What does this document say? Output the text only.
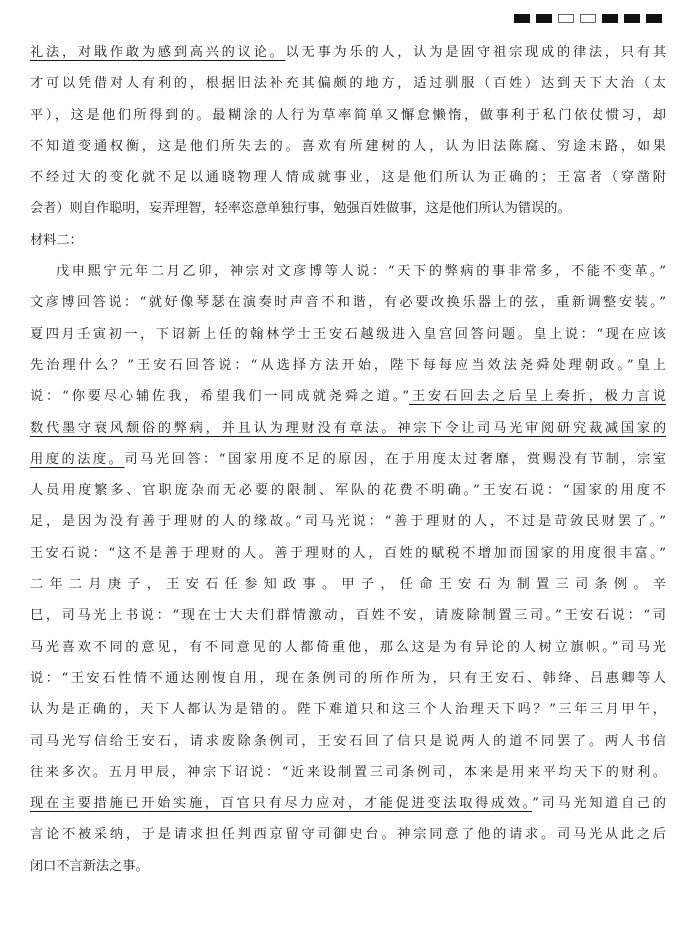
礼法，对戢作敢为感到高兴的议论。以无事为乐的人，认为是固守祖宗现成的律法，只有其
才可以凭借对人有利的，根据旧法补充其偏颇的地方，适过驯服（百姓）达到天下大治（太
平），这是他们所得到的。最糊涂的人行为草率简单又懈怠懒惰，做事利于私门依仗惯习，却
不知道变通权衡，这是他们所失去的。喜欢有所建树的人，认为旧法陈腐、穷途末路，如果
不经过大的变化就不足以通晓物理人情成就事业，这是他们所认为正确的；王富者（穿凿附
会者）则自作聪明，妄弄理智，轻率恣意单独行事，勉强百姓做事，这是他们所认为错误的。
材料二：
戊申熙宁元年二月乙卯，神宗对文彦博等人说：“天下的弊病的事非常多，不能不变革。”
文彦博回答说：“就好像琴瑟在演奏时声音不和谐，有必要改换乐器上的弦，重新调整安装。”
夏四月壬寅初一，下诏新上任的翰林学士王安石越级进入皇宫回答问题。皇上说：“现在应该
先治理什么？”王安石回答说：“从选择方法开始，陛下每每应当效法尧舜处理朝政。”皇上
说：“你要尽心辅佐我，希望我们一同成就尧舜之道。”王安石回去之后呈上奏折，极力言说
数代墨守衰风颓俗的弊病，并且认为理财没有章法。神宗下令让司马光审阅研究裁减国家的
用度的法度。司马光回答：“国家用度不足的原因，在于用度太过奢靡，赏赐没有节制，宗室
人员用度繁多、官职庞杂而无必要的限制、军队的花费不明确。”王安石说：“国家的用度不
足，是因为没有善于理财的人的缘故。”司马光说：“善于理财的人，不过是苛敛民财罢了。”
王安石说：“这不是善于理财的人。善于理财的人，百姓的赋税不增加而国家的用度很丰富。”
二年二月庚子，王安石任参知政事。甲子，任命王安石为制置三司条例。辛
巳，司马光上书说：“现在士大夫们群情激动，百姓不安，请废除制置三司。”王安石说：“司
马光喜欢不同的意见，有不同意见的人都倚重他，那么这是为有异论的人树立旗帜。”司马光
说：“王安石性情不通达刚愎自用，现在条例司的所作所为，只有王安石、韩绛、吕惠卿等人
认为是正确的，天下人都认为是错的。陛下难道只和这三个人治理天下吗？”三年三月甲午，
司马光写信给王安石，请求废除条例司，王安石回了信只是说两人的道不同罢了。两人书信
往来多次。五月甲辰，神宗下诏说：“近来设制置三司条例司，本来是用来平均天下的财利。
现在主要措施已开始实施，百官只有尽力应对，才能促进变法取得成效。”司马光知道自己的
言论不被采纳，于是请求担任判西京留守司御史台。神宗同意了他的请求。司马光从此之后
闭口不言新法之事。
